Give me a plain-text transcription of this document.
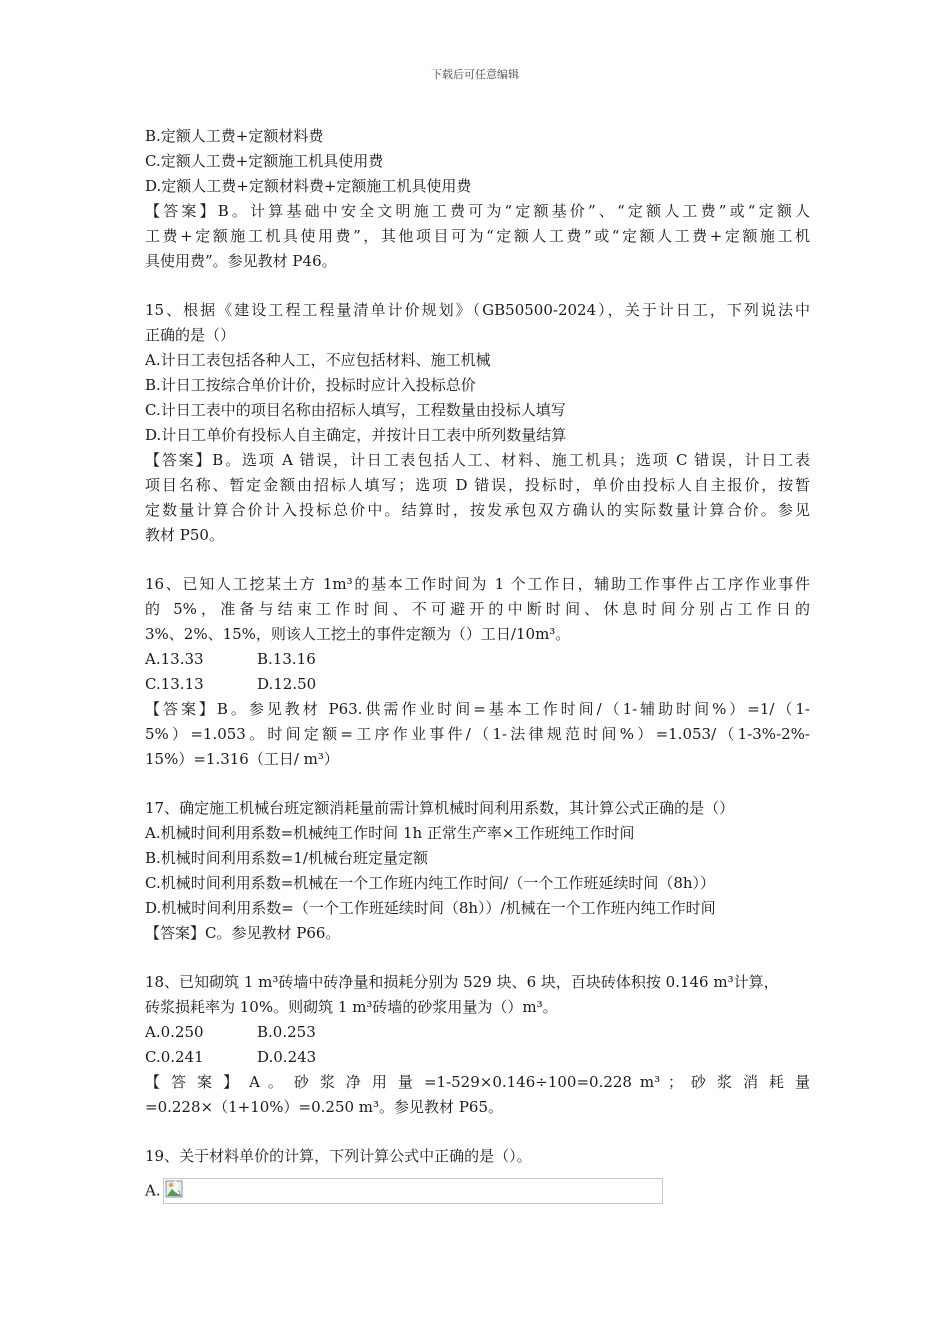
下载后可任意编辑
B.定额人工费+定额材料费
C.定额人工费+定额施工机具使用费
D.定额人工费+定额材料费+定额施工机具使用费
【答案】B。计算基础中安全文明施工费可为“定额基价”、“定额人工费”或“定额人
工费+定额施工机具使用费”，其他项目可为“定额人工费”或“定额人工费+定额施工机
具使用费”。参见教材 P46。
15、根据《建设工程工程量清单计价规划》（GB50500-2024），关于计日工，下列说法中
正确的是（）
A.计日工表包括各种人工，不应包括材料、施工机械
B.计日工按综合单价计价，投标时应计入投标总价
C.计日工表中的项目名称由招标人填写，工程数量由投标人填写
D.计日工单价有投标人自主确定，并按计日工表中所列数量结算
【答案】B。选项 A 错误，计日工表包括人工、材料、施工机具；选项 C 错误，计日工表
项目名称、暂定金额由招标人填写；选项 D 错误，投标时，单价由投标人自主报价，按暂
定数量计算合价计入投标总价中。结算时，按发承包双方确认的实际数量计算合价。参见
教材 P50。
16、已知人工挖某土方 1m³的基本工作时间为 1 个工作日，辅助工作事件占工序作业事件
的 5%，准备与结束工作时间、不可避开的中断时间、休息时间分别占工作日的
3%、2%、15%，则该人工挖土的事件定额为（）工日/10m³。
A.13.33	B.13.16
C.13.13	D.12.50
【答案】B。参见教材 P63.供需作业时间=基本工作时间/（1-辅助时间%）=1/（1-
5%）=1.053。时间定额=工序作业事件/（1-法律规范时间%）=1.053/（1-3%-2%-
15%）=1.316（工日/ m³）
17、确定施工机械台班定额消耗量前需计算机械时间利用系数，其计算公式正确的是（）
A.机械时间利用系数=机械纯工作时间 1h 正常生产率×工作班纯工作时间
B.机械时间利用系数=1/机械台班定量定额
C.机械时间利用系数=机械在一个工作班内纯工作时间/（一个工作班延续时间（8h））
D.机械时间利用系数=（一个工作班延续时间（8h））/机械在一个工作班内纯工作时间
【答案】C。参见教材 P66。
18、已知砌筑 1 m³砖墙中砖净量和损耗分别为 529 块、6 块，百块砖体积按 0.146 m³计算，
砖浆损耗率为 10%。则砌筑 1 m³砖墙的砂浆用量为（）m³。
A.0.250	B.0.253
C.0.241	D.0.243
【 答 案 】 A 。 砂 浆 净 用 量 =1-529×0.146÷100=0.228 m³ ； 砂 浆 消 耗 量
=0.228×（1+10%）=0.250 m³。参见教材 P65。
19、关于材料单价的计算，下列计算公式中正确的是（）。
A.
